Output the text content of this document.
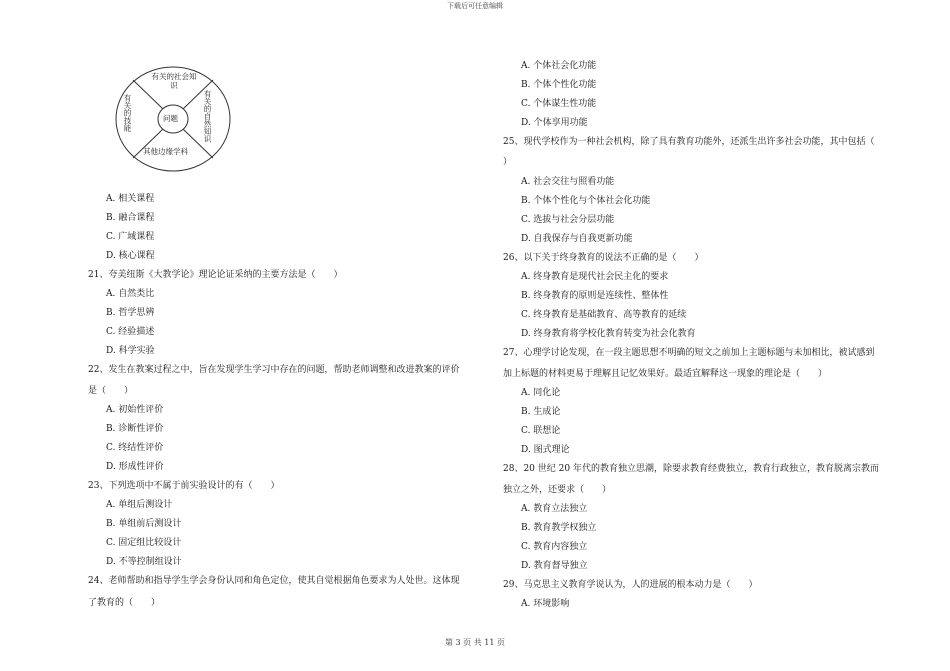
下载后可任意编辑
问题
有关的社会知识
有关的自然知识
其他边缘学科
有关的技能
A. 相关课程
B. 融合课程
C. 广域课程
D. 核心课程
21、夸美纽斯《大教学论》理论论证采纳的主要方法是（　　）
A. 自然类比
B. 哲学思辨
C. 经验描述
D. 科学实验
22、发生在教案过程之中，旨在发现学生学习中存在的问题，帮助老师调整和改进教案的评价
是（　　）
A. 初始性评价
B. 诊断性评价
C. 终结性评价
D. 形成性评价
23、下列选项中不属于前实验设计的有（　　）
A. 单组后测设计
B. 单组前后测设计
C. 固定组比较设计
D. 不等控制组设计
24、老师帮助和指导学生学会身份认同和角色定位，使其自觉根据角色要求为人处世。这体现
了教育的（　　）
A. 个体社会化功能
B. 个体个性化功能
C. 个体谋生性功能
D. 个体享用功能
25、现代学校作为一种社会机构，除了具有教育功能外，还派生出许多社会功能，其中包括（
）
A. 社会交往与照看功能
B. 个体个性化与个体社会化功能
C. 选拔与社会分层功能
D. 自我保存与自我更新功能
26、以下关于终身教育的说法不正确的是（　　）
A. 终身教育是现代社会民主化的要求
B. 终身教育的原则是连续性、整体性
C. 终身教育是基础教育、高等教育的延续
D. 终身教育将学校化教育转变为社会化教育
27、心理学讨论发现，在一段主题思想不明确的短文之前加上主题标题与未加相比，被试感到
加上标题的材料更易于理解且记忆效果好。最适宜解释这一现象的理论是（　　）
A. 同化论
B. 生成论
C. 联想论
D. 图式理论
28、20 世纪 20 年代的教育独立思潮，除要求教育经费独立，教育行政独立，教育脱离宗教而
独立之外，还要求（　　）
A. 教育立法独立
B. 教育教学权独立
C. 教育内容独立
D. 教育督导独立
29、马克思主义教育学说认为，人的进展的根本动力是（　　）
A. 环境影响
第 3 页 共 11 页
